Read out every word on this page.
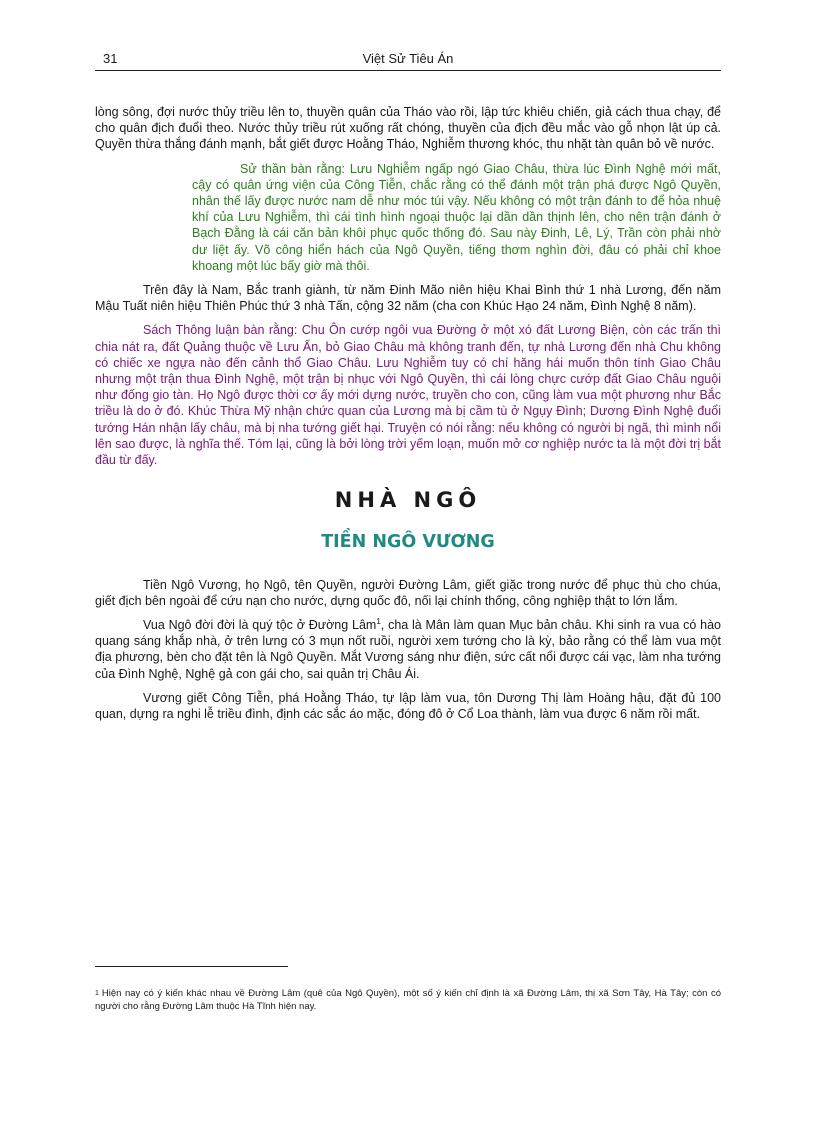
31	Việt Sử Tiêu Án

lòng sông, đợi nước thủy triều lên to, thuyền quân của Tháo vào rồi, lập tức khiêu chiến, giả cách thua chạy, để cho quân địch đuổi theo. Nước thủy triều rút xuống rất chóng, thuyền của địch đều mắc vào gỗ nhọn lật úp cả. Quyền thừa thắng đánh mạnh, bắt giết được Hoằng Tháo, Nghiễm thương khóc, thu nhặt tàn quân bỏ về nước.

Sử thần bàn rằng: Lưu Nghiễm ngấp ngó Giao Châu, thừa lúc Đình Nghệ mới mất, cậy có quân ứng viện của Công Tiễn, chắc rằng có thể đánh một trận phá được Ngô Quyền, nhân thế lấy được nước nam dễ như móc túi vậy. Nếu không có một trận đánh to để hỏa nhuệ khí của Lưu Nghiễm, thì cái tình hình ngoại thuộc lại dần dần thịnh lên, cho nên trận đánh ở Bạch Đằng là cái căn bản khôi phục quốc thống đó. Sau này Đinh, Lê, Lý, Trần còn phải nhờ dư liệt ấy. Võ công hiển hách của Ngô Quyền, tiếng thơm nghìn đời, đâu có phải chỉ khoe khoang một lúc bấy giờ mà thôi.

Trên đây là Nam, Bắc tranh giành, từ năm Đinh Mão niên hiệu Khai Bình thứ 1 nhà Lương, đến năm Mậu Tuất niên hiệu Thiên Phúc thứ 3 nhà Tấn, cộng 32 năm (cha con Khúc Hạo 24 năm, Đình Nghệ 8 năm).

Sách Thông luận bàn rằng: Chu Ôn cướp ngôi vua Đường ở một xó đất Lương Biện, còn các trấn thì chia nát ra, đất Quảng thuộc về Lưu Ẩn, bỏ Giao Châu mà không tranh đến, tự nhà Lương đến nhà Chu không có chiếc xe ngựa nào đến cảnh thổ Giao Châu. Lưu Nghiễm tuy có chí hăng hái muốn thôn tính Giao Châu nhưng một trận thua Đình Nghệ, một trận bị nhục với Ngô Quyền, thì cái lòng chực cướp đất Giao Châu nguội như đống gio tàn. Họ Ngô được thời cơ ấy mới dựng nước, truyền cho con, cũng làm vua một phương như Bắc triều là do ở đó. Khúc Thừa Mỹ nhận chức quan của Lương mà bị cầm tù ở Ngụy Đình; Dương Đình Nghệ đuổi tướng Hán nhận lấy châu, mà bị nha tướng giết hại. Truyện có nói rằng: nếu không có người bị ngã, thì mình nổi lên sao được, là nghĩa thế. Tóm lại, cũng là bởi lòng trời yếm loạn, muốn mở cơ nghiệp nước ta là một đời trị bắt đầu từ đấy.

NHÀ NGÔ
TIỀN NGÔ VƯƠNG

Tiền Ngô Vương, họ Ngô, tên Quyền, người Đường Lâm, giết giặc trong nước để phục thù cho chúa, giết địch bên ngoài để cứu nạn cho nước, dựng quốc đô, nối lại chính thống, công nghiệp thật to lớn lắm.

Vua Ngô đời đời là quý tộc ở Đường Lâm$^1$, cha là Mân làm quan Mục bản châu. Khi sinh ra vua có hào quang sáng khắp nhà, ở trên lưng có 3 mụn nốt ruồi, người xem tướng cho là kỳ, bảo rằng có thể làm vua một địa phương, bèn cho đặt tên là Ngô Quyền. Mắt Vương sáng như điện, sức cất nổi được cái vạc, làm nha tướng của Đình Nghệ, Nghệ gả con gái cho, sai quản trị Châu Ái.

Vương giết Công Tiễn, phá Hoằng Tháo, tự lập làm vua, tôn Dương Thị làm Hoàng hậu, đặt đủ 100 quan, dựng ra nghi lễ triều đình, định các sắc áo mặc, đóng đô ở Cổ Loa thành, làm vua được 6 năm rồi mất.

$^1$ Hiện nay có ý kiến khác nhau về Đường Lâm (quê của Ngô Quyền), một số ý kiến chỉ định là xã Đường Lâm, thị xã Sơn Tây, Hà Tây; còn có người cho rằng Đường Lâm thuộc Hà Tĩnh hiện nay.
